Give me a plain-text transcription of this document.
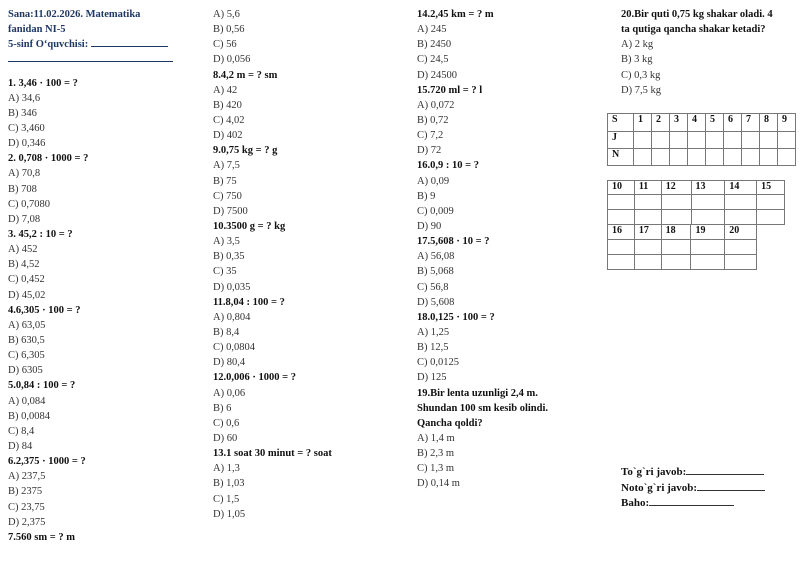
Sana:11.02.2026. Matematika
fanidan NI-5
5-sinf O‘quvchisi:
1. 3,46 · 100 = ?
A) 34,6
B) 346
C) 3,460
D) 0,346
2. 0,708 · 1000 = ?
A) 70,8
B) 708
C) 0,7080
D) 7,08
3. 45,2 : 10 = ?
A) 452
B) 4,52
C) 0,452
D) 45,02
4.6,305 · 100 = ?
A) 63,05
B) 630,5
C) 6,305
D) 6305
5.0,84 : 100 = ?
A) 0,084
B) 0,0084
C) 8,4
D) 84
6.2,375 · 1000 = ?
A) 237,5
B) 2375
C) 23,75
D) 2,375
7.560 sm = ? m
A) 5,6
B) 0,56
C) 56
D) 0,056
8.4,2 m = ? sm
A) 42
B) 420
C) 4,02
D) 402
9.0,75 kg = ? g
A) 7,5
B) 75
C) 750
D) 7500
10.3500 g = ? kg
A) 3,5
B) 0,35
C) 35
D) 0,035
11.8,04 : 100 = ?
A) 0,804
B) 8,4
C) 0,0804
D) 80,4
12.0,006 · 1000 = ?
A) 0,06
B) 6
C) 0,6
D) 60
13.1 soat 30 minut = ? soat
A) 1,3
B) 1,03
C) 1,5
D) 1,05
14.2,45 km = ? m
A) 245
B) 2450
C) 24,5
D) 24500
15.720 ml = ? l
A) 0,072
B) 0,72
C) 7,2
D) 72
16.0,9 : 10 = ?
A) 0,09
B) 9
C) 0,009
D) 90
17.5,608 · 10 = ?
A) 56,08
B) 5,068
C) 56,8
D) 5,608
18.0,125 · 100 = ?
A) 1,25
B) 12,5
C) 0,0125
D) 125
19.Bir lenta uzunligi 2,4 m.
Shundan 100 sm kesib olindi.
Qancha qoldi?
A) 1,4 m
B) 2,3 m
C) 1,3 m
D) 0,14 m
20.Bir quti 0,75 kg shakar oladi. 4
ta qutiga qancha shakar ketadi?
A) 2 kg
B) 3 kg
C) 0,3 kg
D) 7,5 kg
S	1	2	3	4	5	6	7	8	9
J									
N									
10	11	12	13	14	15

16	17	18	19	20

To`g`ri javob:
Noto`g`ri javob:
Baho:
